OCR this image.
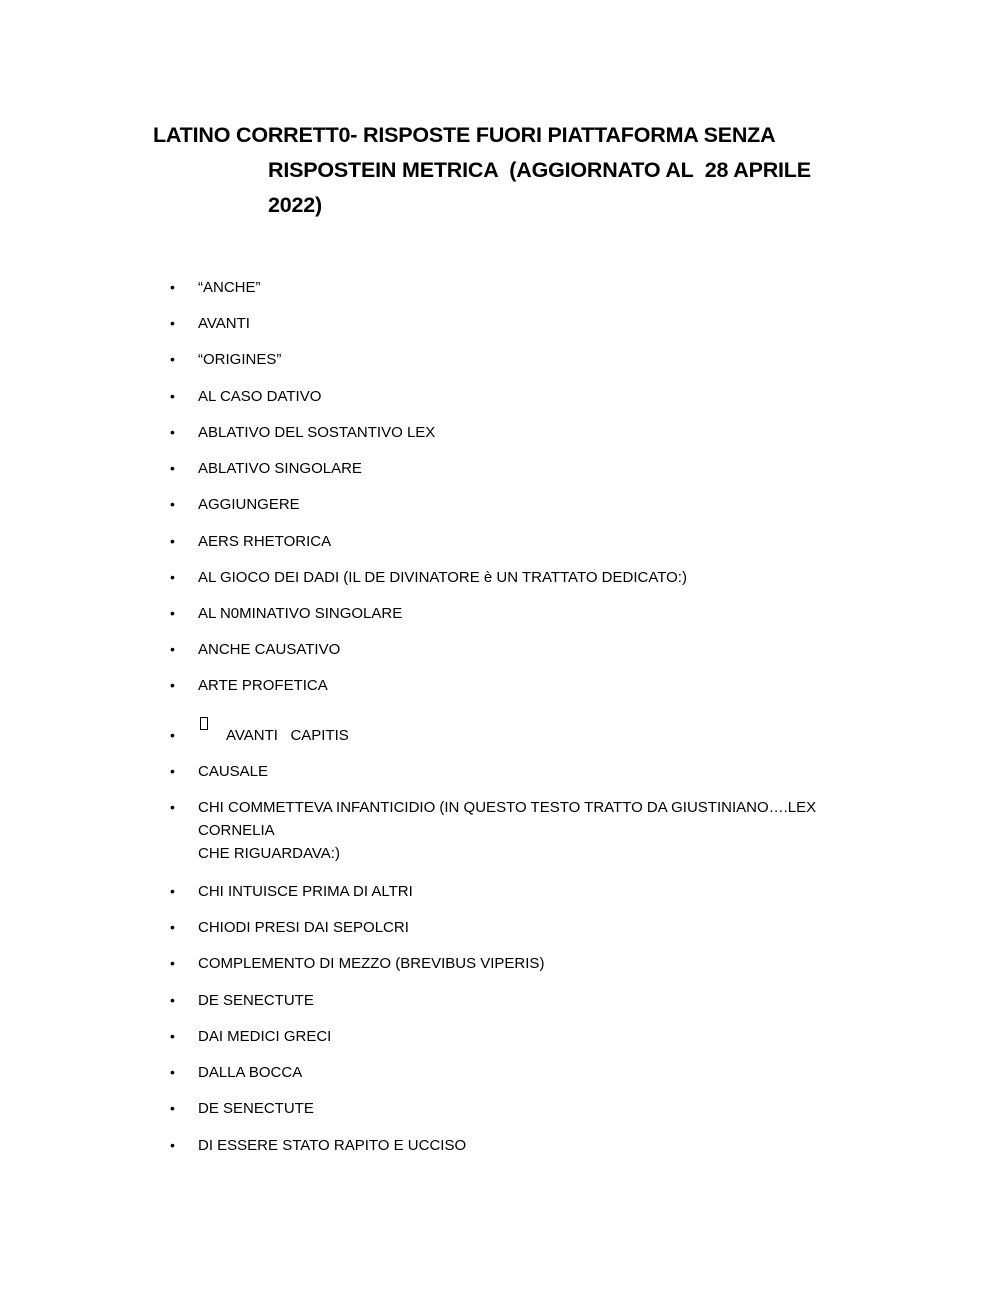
LATINO CORRETT0- RISPOSTE FUORI PIATTAFORMA SENZA
RISPOSTEIN METRICA  (AGGIORNATO AL  28 APRILE
2022)
• “ANCHE”
• AVANTI
• “ORIGINES”
• AL CASO DATIVO
• ABLATIVO DEL SOSTANTIVO LEX
• ABLATIVO SINGOLARE
• AGGIUNGERE
• AERS RHETORICA
• AL GIOCO DEI DADI (IL DE DIVINATORE è UN TRATTATO DEDICATO:)
• AL N0MINATIVO SINGOLARE
• ANCHE CAUSATIVO
• ARTE PROFETICA
•	AVANTI   CAPITIS
• CAUSALE
• CHI COMMETTEVA INFANTICIDIO (IN QUESTO TESTO TRATTO DA GIUSTINIANO….LEX
CORNELIA
CHE RIGUARDAVA:)
• CHI INTUISCE PRIMA DI ALTRI
• CHIODI PRESI DAI SEPOLCRI
• COMPLEMENTO DI MEZZO (BREVIBUS VIPERIS)
• DE SENECTUTE
• DAI MEDICI GRECI
• DALLA BOCCA
• DE SENECTUTE
• DI ESSERE STATO RAPITO E UCCISO
